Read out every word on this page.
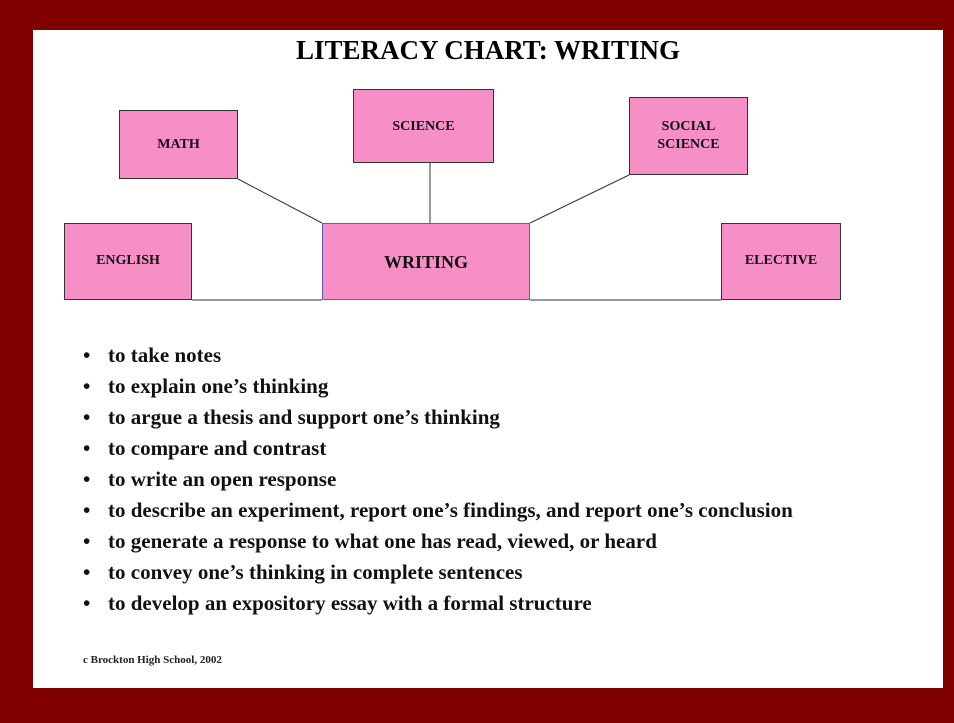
LITERACY CHART: WRITING
MATH
SCIENCE	SOCIAL SCIENCE
ENGLISH	WRITING	ELECTIVE
• to take notes
• to explain one’s thinking
• to argue a thesis and support one’s thinking
• to compare and contrast
• to write an open response
• to describe an experiment, report one’s findings, and report one’s conclusion
• to generate a response to what one has read, viewed, or heard
• to convey one’s thinking in complete sentences
• to develop an expository essay with a formal structure
c Brockton High School, 2002
